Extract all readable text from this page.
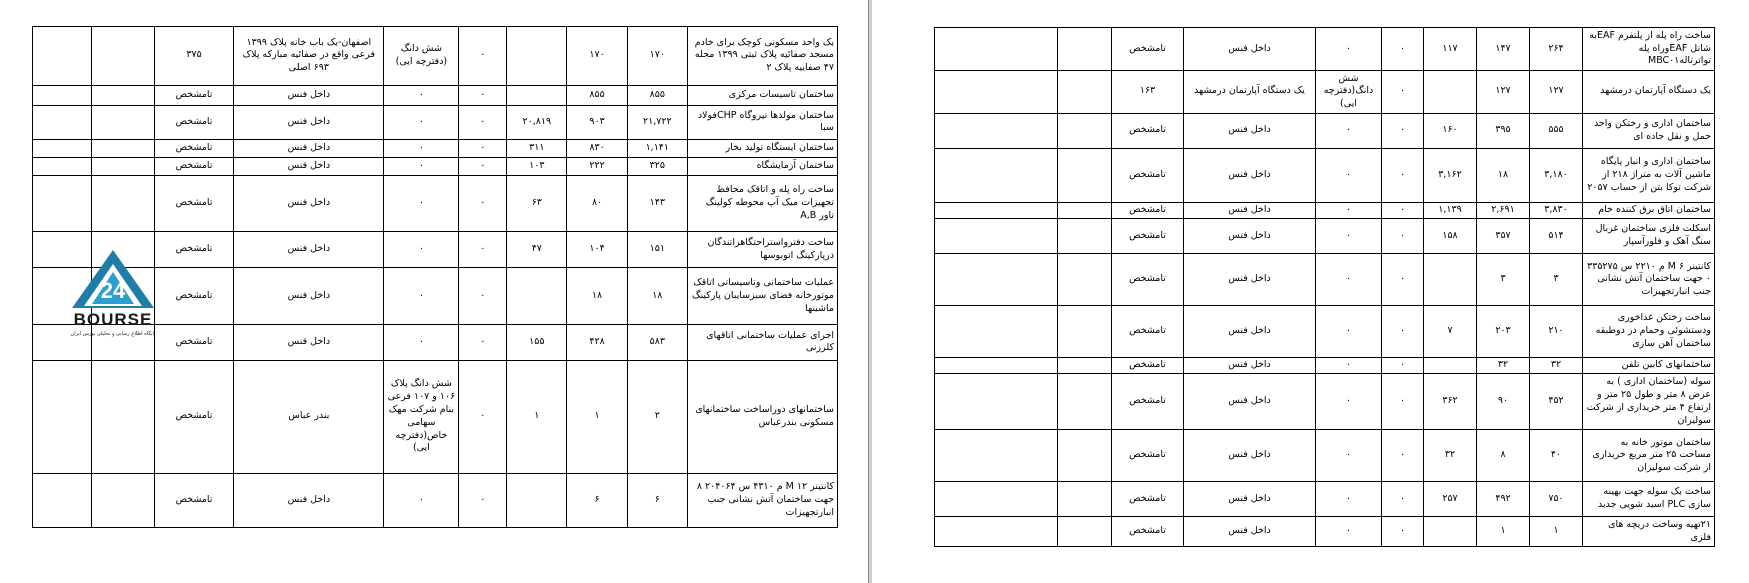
یک واحد مسکونی کوچک برای خادم مسجد صفائیه پلاک ثبتی ۱۳۹۹ محله ۴۷ صفاییه پلاک ۲	۱۷۰	۱۷۰		۰	شش دانگ (دفترچه ایی)	اصفهان-یک باب خانه پلاک ۱۳۹۹ فرعی واقع در صفائیه مبارکه پلاک ۶۹۳ اصلی	۳۷۵		
ساختمان تاسیسات مرکزی	۸۵۵	۸۵۵		۰	۰	داخل فنس	تامشخص		
ساختمان مولدها نیروگاه CHPفولاد سبا	۲۱,۷۲۲	۹۰۳	۲۰,۸۱۹	۰	۰	داخل فنس	تامشخص		
ساختمان ایستگاه تولید بخار	۱,۱۴۱	۸۳۰	۳۱۱	۰	۰	داخل فنس	تامشخص		
ساختمان آزمایشگاه	۳۲۵	۲۲۲	۱۰۳	۰	۰	داخل فنس	تامشخص		
ساخت راه پله و اتاقک محافظ تجهیزات میک آپ محوطه کولینگ تاور A,B	۱۴۳	۸۰	۶۳	۰	۰	داخل فنس	تامشخص		
ساخت دفترواستراحتگاهراتندگان درپارکینگ اتوبوسها	۱۵۱	۱۰۴	۴۷	۰	۰	داخل فنس	تامشخص		
عملیات ساختمانی وتاسیساتی اتاقک موتورخانه فضای سبزسایبان پارکینگ ماشینها	۱۸	۱۸		۰	۰	داخل فنس	تامشخص		
اجرای عملیات ساختمانی اتاقهای کلرزنی	۵۸۳	۴۲۸	۱۵۵	۰	۰	داخل فنس	تامشخص		
ساختمانهای دوراساخت ساختمانهای مسکونی بندرعباس	۲	۱	۱	۰	شش دانگ پلاک ۱۰۶ و ۱۰۷ فرعی بنام شرکت مهک سهامی خاص(دفترچه ایی)	بندر عباس	تامشخص		
کانتینر ۱۲ M م ۴۳۱۰ س ۲۰۴۰۶۴ ۸ جهت ساختمان آتش نشانی جنب انبارتجهیزات	۶	۶		۰	۰	داخل فنس	تامشخص		
24
BOURSE
پایگاه اطلاع رسانی و تحلیلی بورس ایران
ساخت راه پله از پلتفرم EAFبه شاتل EAFوراه پله تواترتالهMBC۰۱	۲۶۴	۱۴۷	۱۱۷	۰	۰	داخل فنس	تامشخص		
یک دستگاه آپارتمان درمشهد	۱۲۷	۱۲۷		۰	شش دانگ(دفترچه ایی)	یک دستگاه آپارتمان درمشهد	۱۶۳		
ساختمان اداری و رختکن واحد حمل و نقل جاده ای	۵۵۵	۳۹۵	۱۶۰	۰	۰	داخل فنس	تامشخص		
ساختمان اداری و انبار پایگاه ماشین آلات به متراژ ۲۱۸ از شرکت توکا بتن از حساب ۲۰۵۷	۳,۱۸۰	۱۸	۳,۱۶۲	۰	۰	داخل فنس	تامشخص		
ساختمان اتاق برق کننده خام	۳,۸۳۰	۲,۶۹۱	۱,۱۳۹	۰	۰	داخل فنس	تامشخص		
اسکلت فلزی ساختمان غربال سنگ آهک و فلورآسپار	۵۱۴	۳۵۷	۱۵۸	۰	۰	داخل فنس	تامشخص		
کانتینر ۶ M م ۲۲۱۰ س ۳۳۵۲۷۵ ۰ جهت ساختمان آتش نشانی جنب انبارتجهیزات	۳	۳		۰	۰	داخل فنس	تامشخص		
ساخت رختکن غذاخوری ودستشوئی وحمام در دوطبقه ساختمان آهن سازی	۲۱۰	۲۰۳	۷	۰	۰	داخل فنس	تامشخص		
ساختمانهای کابین تلفن	۳۲	۳۲		۰	۰	داخل فنس	تامشخص		
سوله (ساختمان اداری ) به عرض ۸ متر و طول ۲۵ متر و ارتفاع ۴ متر خریداری از شرکت سولیران	۴۵۲	۹۰	۳۶۲	۰	۰	داخل فنس	تامشخص		
ساختمان موتور خانه به مساحت ۲۵ متر مربع خریداری از شرکت سولیران	۴۰	۸	۳۲	۰	۰	داخل فنس	تامشخص		
ساخت یک سوله جهت بهینه سازی PLC اسید شویی جدید	۷۵۰	۴۹۲	۲۵۷	۰	۰	داخل فنس	تامشخص		
۲۱تهیه وساخت دریچه های فلزی	۱	۱		۰	۰	داخل فنس	تامشخص		
